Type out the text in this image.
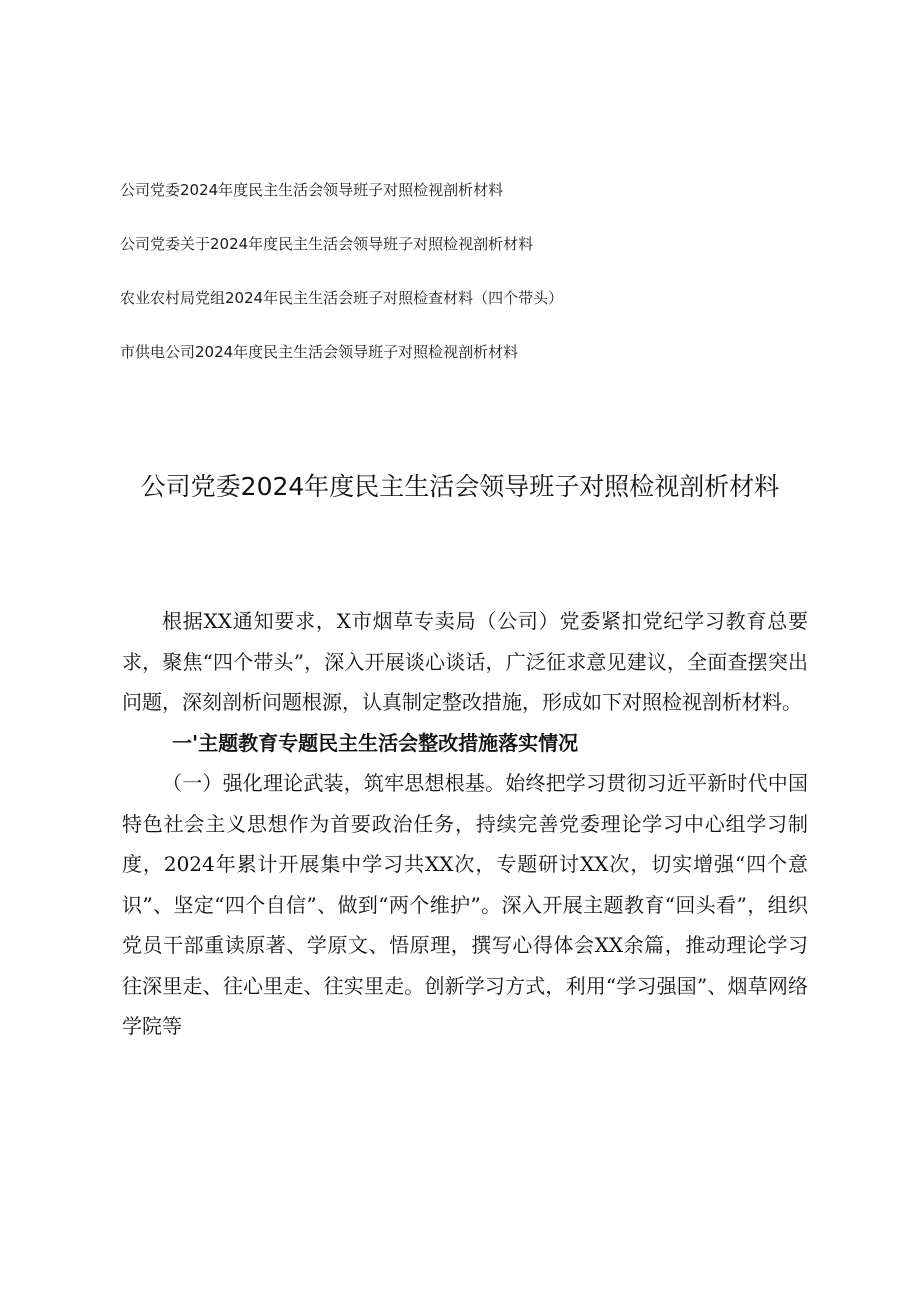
公司党委2024年度民主生活会领导班子对照检视剖析材料
公司党委关于2024年度民主生活会领导班子对照检视剖析材料
农业农村局党组2024年民主生活会班子对照检查材料（四个带头）
市供电公司2024年度民主生活会领导班子对照检视剖析材料
公司党委2024年度民主生活会领导班子对照检视剖析材料

根据XX通知要求，X市烟草专卖局（公司）党委紧扣党纪学习教育总要求，聚焦“四个带头”，深入开展谈心谈话，广泛征求意见建议，全面查摆突出问题，深刻剖析问题根源，认真制定整改措施，形成如下对照检视剖析材料。

一'主题教育专题民主生活会整改措施落实情况

（一）强化理论武装，筑牢思想根基。始终把学习贯彻习近平新时代中国特色社会主义思想作为首要政治任务，持续完善党委理论学习中心组学习制度，2024年累计开展集中学习共XX次，专题研讨XX次，切实增强“四个意识”、坚定“四个自信”、做到“两个维护”。深入开展主题教育“回头看”，组织党员干部重读原著、学原文、悟原理，撰写心得体会XX余篇，推动理论学习往深里走、往心里走、往实里走。创新学习方式，利用“学习强国”、烟草网络学院等
